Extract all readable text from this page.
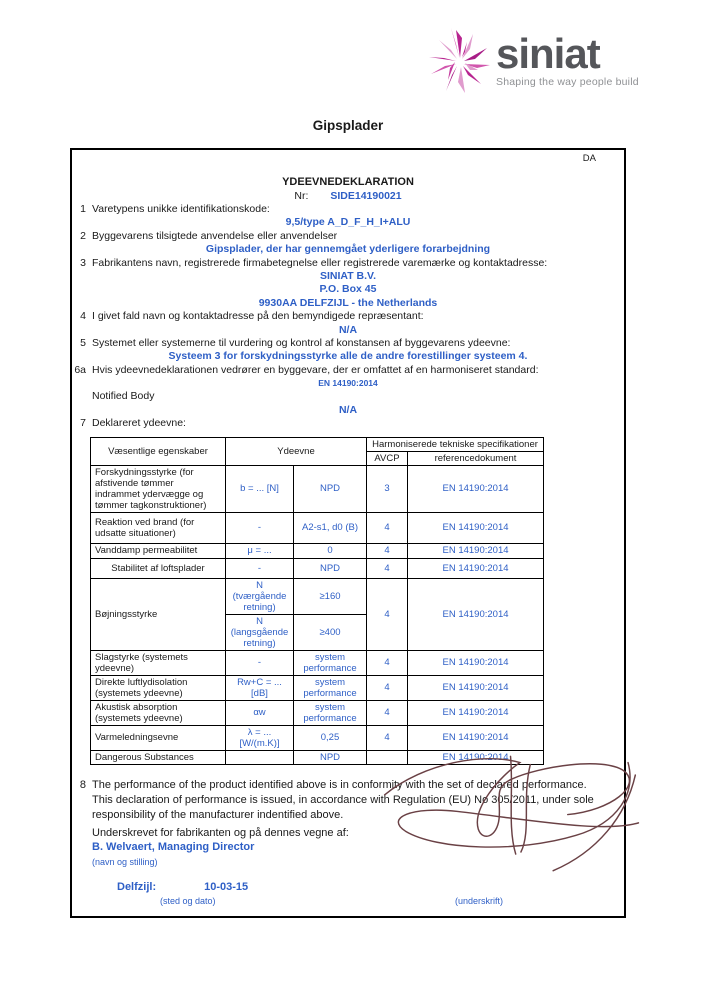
siniat
Shaping the way people build
Gipsplader
DA
YDEEVNEDEKLARATION
Nr: SIDE14190021
1 Varetypens unikke identifikationskode:
9,5/type A_D_F_H_I+ALU
2 Byggevarens tilsigtede anvendelse eller anvendelser
Gipsplader, der har gennemgået yderligere forarbejdning
3 Fabrikantens navn, registrerede firmabetegnelse eller registrerede varemærke og kontaktadresse:
SINIAT B.V.
P.O. Box 45
9930AA DELFZIJL - the Netherlands
4 I givet fald navn og kontaktadresse på den bemyndigede repræsentant:
N/A
5 Systemet eller systemerne til vurdering og kontrol af konstansen af byggevarens ydeevne:
Systeem 3 for forskydningsstyrke alle de andre forestillinger systeem 4.
6a Hvis ydeevnedeklarationen vedrører en byggevare, der er omfattet af en harmoniseret standard:
EN 14190:2014
Notified Body
N/A
7 Deklareret ydeevne:
Væsentlige egenskaber	Ydeevne		Harmoniserede tekniske specifikationer	
			AVCP	referencedokument
Forskydningsstyrke (for afstivende tømmer indrammet ydervægge og tømmer tagkonstruktioner)	b = ... [N]	NPD	3	EN 14190:2014
Reaktion ved brand (for udsatte situationer)	-	A2-s1, d0 (B)	4	EN 14190:2014
Vanddamp permeabilitet	μ = ...	0	4	EN 14190:2014
Stabilitet af loftsplader	-	NPD	4	EN 14190:2014
Bøjningsstyrke	N (tværgående retning)	≥160	4	EN 14190:2014
	N (langsgående retning)	≥400		
Slagstyrke (systemets ydeevne)	-	system performance	4	EN 14190:2014
Direkte luftlydisolation (systemets ydeevne)	Rw+C = ... [dB]	system performance	4	EN 14190:2014
Akustisk absorption (systemets ydeevne)	αw	system performance	4	EN 14190:2014
Varmeledningsevne	λ = ... [W/(m.K)]	0,25	4	EN 14190:2014
Dangerous Substances		NPD		EN 14190:2014
8 The performance of the product identified above is in conformity with the set of declared performance. This declaration of performance is issued, in accordance with Regulation (EU) No 305/2011, under sole responsibility of the manufacturer indentified above.
Underskrevet for fabrikanten og på dennes vegne af:
B. Welvaert, Managing Director
(navn og stilling)
Delfzijl:	10-03-15
(sted og dato)	(underskrift)
